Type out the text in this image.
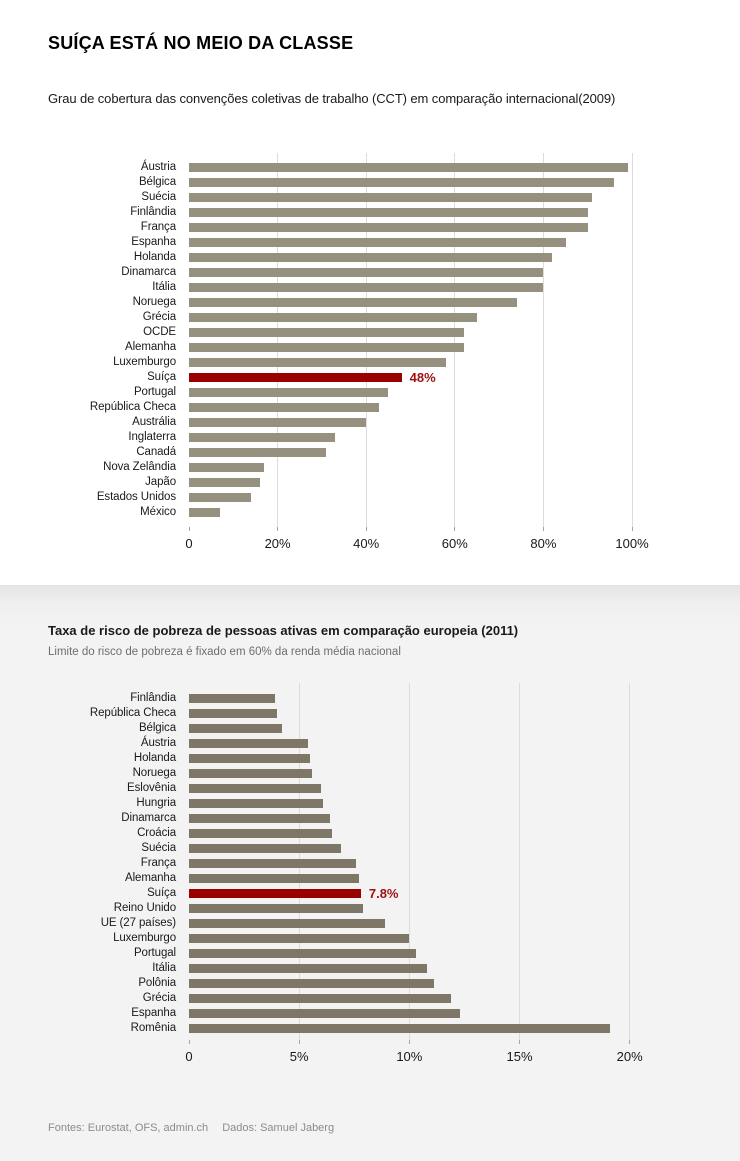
SUÍÇA ESTÁ NO MEIO DA CLASSE
Grau de cobertura das convenções coletivas de trabalho (CCT) em comparação internacional(2009)
0	20%	40%	60%	80%	100%
Áustria
Bélgica
Suécia
Finlândia
França
Espanha
Holanda
Dinamarca
Itália
Noruega
Grécia
OCDE
Alemanha
Luxemburgo
Suíça	48%
Portugal
República Checa
Austrália
Inglaterra
Canadá
Nova Zelândia
Japão
Estados Unidos
México
Taxa de risco de pobreza de pessoas ativas em comparação europeia (2011)
Limite do risco de pobreza é fixado em 60% da renda média nacional
0	5%	10%	15%	20%
Finlândia
República Checa
Bélgica
Áustria
Holanda
Noruega
Eslovênia
Hungria
Dinamarca
Croácia
Suécia
França
Alemanha
Suíça	7.8%
Reino Unido
UE (27 países)
Luxemburgo
Portugal
Itália
Polônia
Grécia
Espanha
Romênia
Fontes: Eurostat, OFS, admin.ch Dados: Samuel Jaberg
